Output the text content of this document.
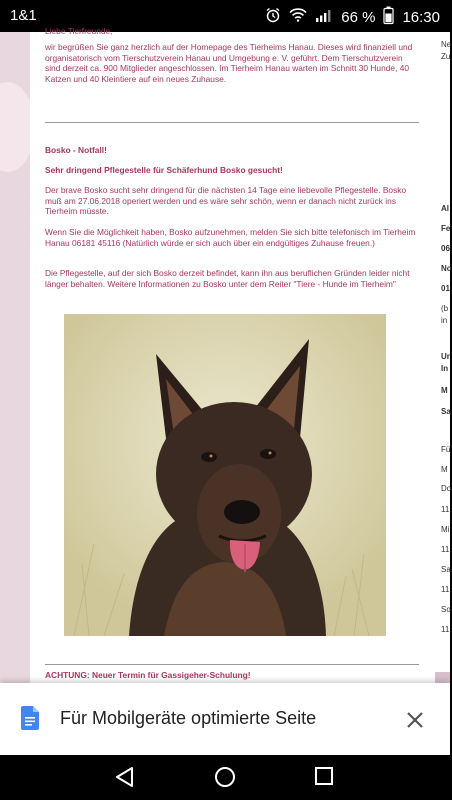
1&1	66 % 16:30
Liebe Tierfreunde,

wir begrüßen Sie ganz herzlich auf der Homepage des Tierheims Hanau. Dieses wird finanziell und organisatorisch vom Tierschutzverein Hanau und Umgebung e. V. geführt. Dem Tierschutzverein sind derzeit ca. 900 Mitglieder angeschlossen. Im Tierheim Hanau warten im Schnitt 30 Hunde, 40 Katzen und 40 Kleintiere auf ein neues Zuhause.

Bosko - Notfall!
Sehr dringend Pflegestelle für Schäferhund Bosko gesucht!

Der brave Bosko sucht sehr dringend für die nächsten 14 Tage eine liebevolle Pflegestelle. Bosko muß am 27.06.2018 operiert werden und es wäre sehr schön, wenn er danach nicht zurück ins Tierheim müsste.

Wenn Sie die Möglichkeit haben, Bosko aufzunehmen, melden Sie sich bitte telefonisch im Tierheim Hanau 06181 45116 (Natürlich würde er sich auch über ein endgültiges Zuhause freuen.)

Die Pflegestelle, auf der sich Bosko derzeit befindet, kann ihn aus beruflichen Gründen leider nicht länger behalten. Weitere Informationen zu Bosko unter dem Reiter "Tiere - Hunde im Tierheim"

ACHTUNG: Neuer Termin für Gassigeher-Schulung!
Ne
Zu
Al
Fe
06
No
01
(b
in
Ur
In
M
Sa
Fü
M
Do
11
Mi
11
Sa
11
So
11
Für Mobilgeräte optimierte Seite
